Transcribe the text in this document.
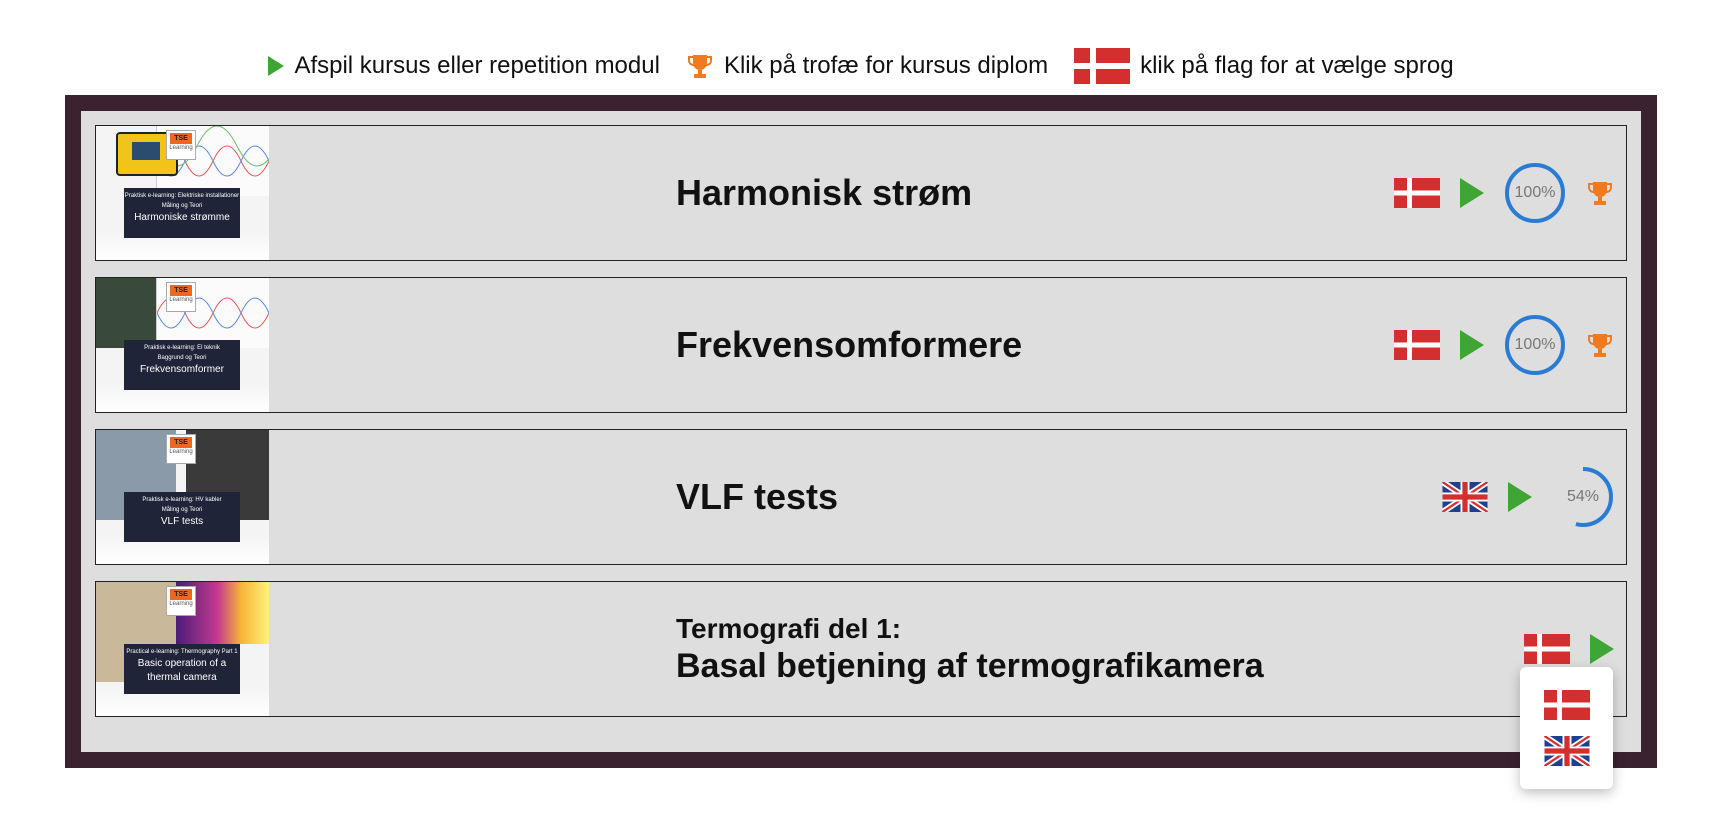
Afspil kursus eller repetition modul	Klik på trofæ for kursus diplom	klik på flag for at vælge sprog
TSE
Learning
Praktisk e-learning: Elektriske installationer
Måling og Teori
Harmoniske strømme
Harmonisk strøm	100%
TSE
Learning
Praktisk e-learning: El teknik
Baggrund og Teori
Frekvensomformer
Frekvensomformere	100%
TSE
Learning
Praktisk e-learning: HV kabler
Måling og Teori
VLF tests
VLF tests	54%
TSE
Learning
Practical e-learning: Thermography Part 1
Basic operation of a thermal camera
Termografi del 1:
Basal betjening af termografikamera
